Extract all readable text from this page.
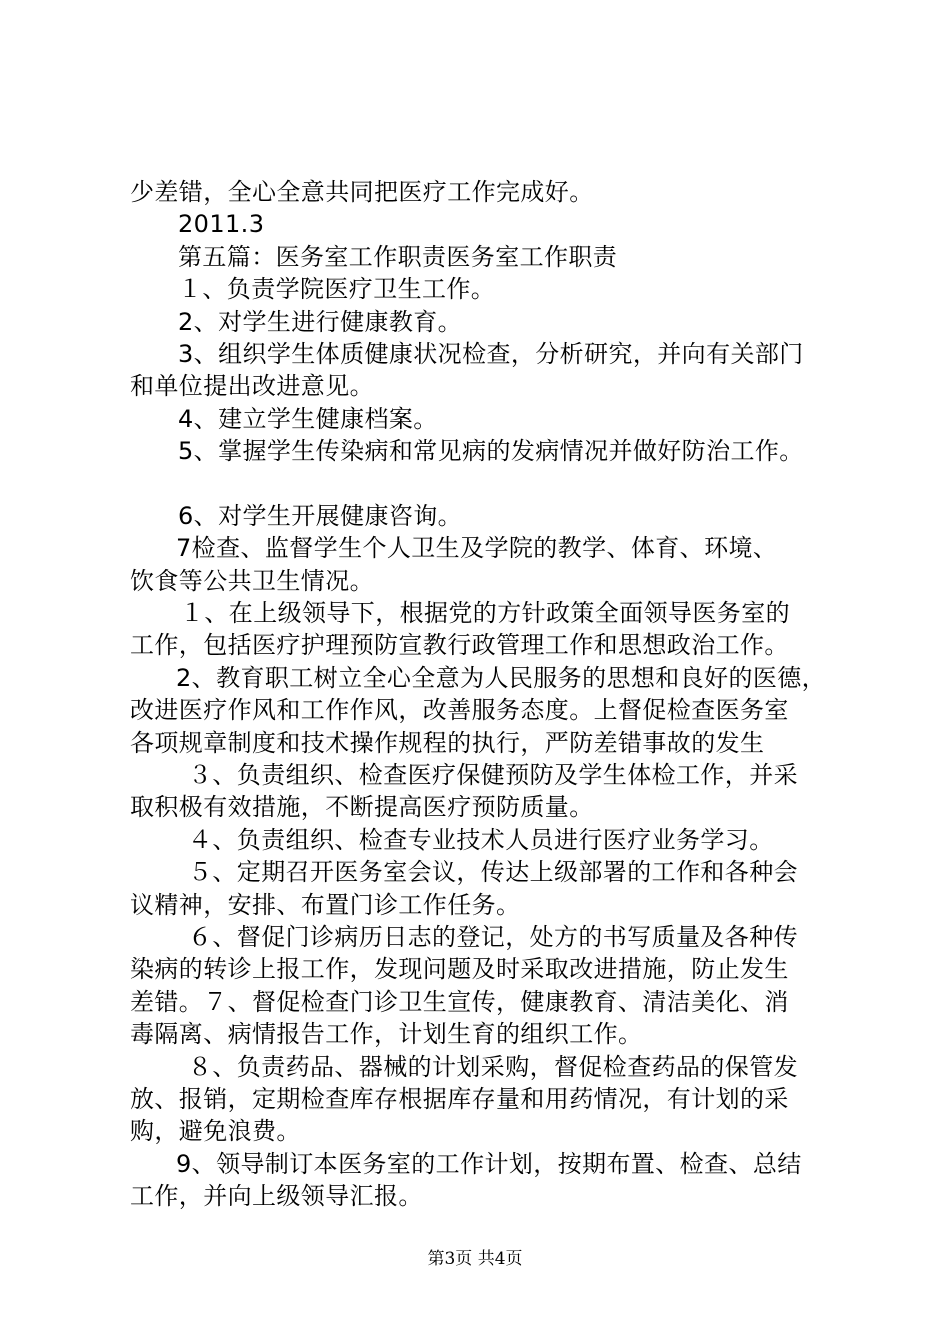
少差错，全心全意共同把医疗工作完成好。
2011.3
第五篇：医务室工作职责医务室工作职责
１、负责学院医疗卫生工作。
2、对学生进行健康教育。
3、组织学生体质健康状况检查，分析研究，并向有关部门
和单位提出改进意见。
4、建立学生健康档案。
5、掌握学生传染病和常见病的发病情况并做好防治工作。
6、对学生开展健康咨询。
7检查、监督学生个人卫生及学院的教学、体育、环境、
饮食等公共卫生情况。
１、在上级领导下，根据党的方针政策全面领导医务室的
工作，包括医疗护理预防宣教行政管理工作和思想政治工作。
2、教育职工树立全心全意为人民服务的思想和良好的医德，
改进医疗作风和工作作风，改善服务态度。上督促检查医务室
各项规章制度和技术操作规程的执行，严防差错事故的发生
３、负责组织、检查医疗保健预防及学生体检工作，并采
取积极有效措施，不断提高医疗预防质量。
４、负责组织、检查专业技术人员进行医疗业务学习。
５、定期召开医务室会议，传达上级部署的工作和各种会
议精神，安排、布置门诊工作任务。
６、督促门诊病历日志的登记，处方的书写质量及各种传
染病的转诊上报工作，发现问题及时采取改进措施，防止发生
差错。７、督促检查门诊卫生宣传，健康教育、清洁美化、消
毒隔离、病情报告工作，计划生育的组织工作。
８、负责药品、器械的计划采购，督促检查药品的保管发
放、报销，定期检查库存根据库存量和用药情况，有计划的采
购，避免浪费。
9、领导制订本医务室的工作计划，按期布置、检查、总结
工作，并向上级领导汇报。
第3页 共4页
